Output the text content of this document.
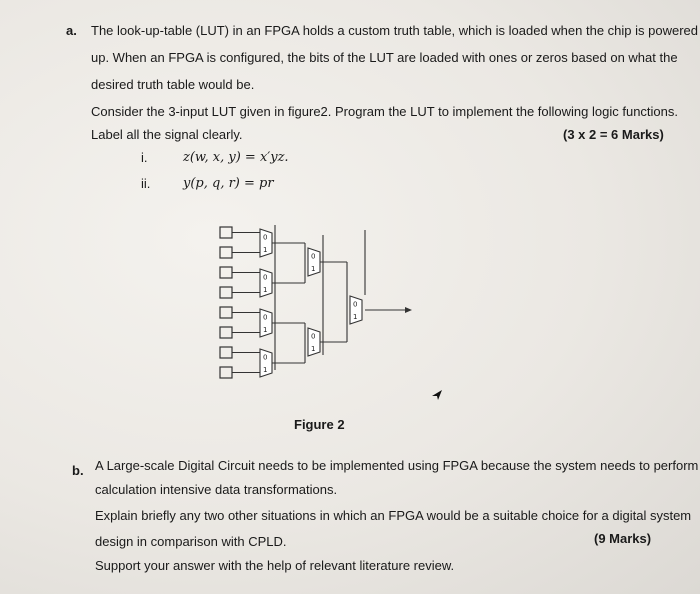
a. The look-up-table (LUT) in an FPGA holds a custom truth table, which is loaded when the chip is powered
up. When an FPGA is configured, the bits of the LUT are loaded with ones or zeros based on what the
desired truth table would be.
Consider the 3-input LUT given in figure2. Program the LUT to implement the following logic functions.
Label all the signal clearly.	(3 x 2 = 6 Marks)
i.	z(w, x, y) = x′yz.
ii.	y(p, q, r) = pr
0
1
0
1
0
1
0
1
0
1
0
1
0
1
Figure 2
b. A Large-scale Digital Circuit needs to be implemented using FPGA because the system needs to perform
calculation intensive data transformations.
Explain briefly any two other situations in which an FPGA would be a suitable choice for a digital system
design in comparison with CPLD.	(9 Marks)
Support your answer with the help of relevant literature review.
